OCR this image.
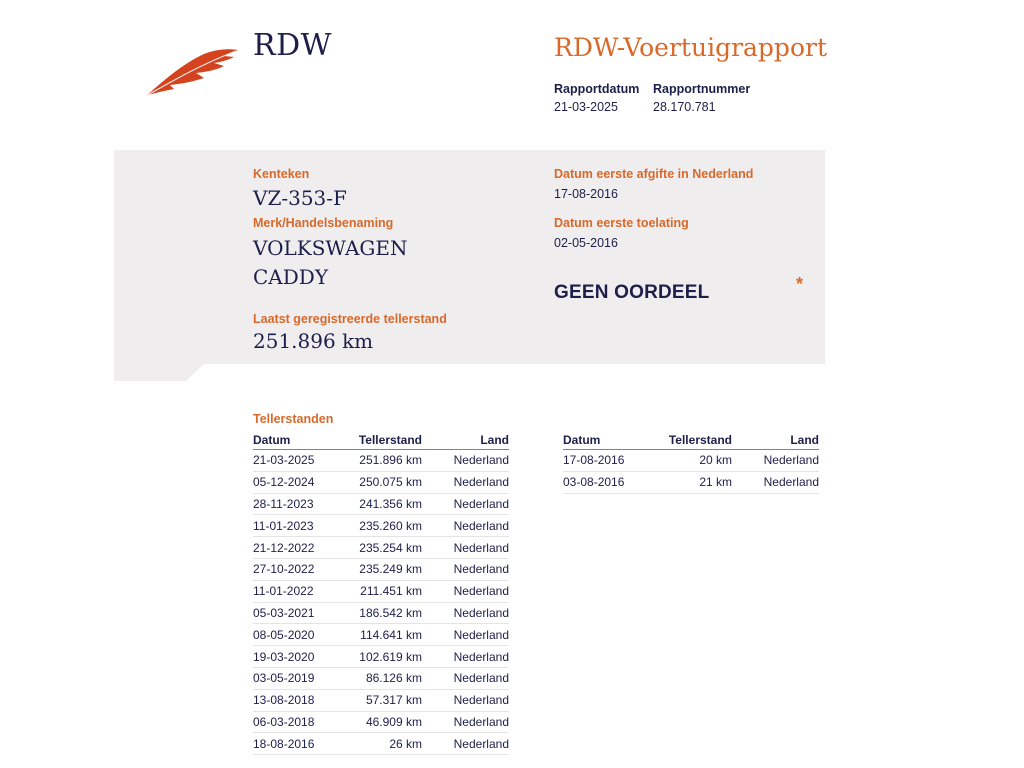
RDW	RDW-Voertuigrapport
Rapportdatum
21-03-2025
Rapportnummer
28.170.781
Kenteken
VZ-353-F
Merk/Handelsbenaming
VOLKSWAGEN
CADDY
Laatst geregistreerde tellerstand
251.896 km
Datum eerste afgifte in Nederland
17-08-2016
Datum eerste toelating
02-05-2016
GEEN OORDEEL	*
Tellerstanden
Datum	Tellerstand	Land
21-03-2025	251.896 km	Nederland
05-12-2024	250.075 km	Nederland
28-11-2023	241.356 km	Nederland
11-01-2023	235.260 km	Nederland
21-12-2022	235.254 km	Nederland
27-10-2022	235.249 km	Nederland
11-01-2022	211.451 km	Nederland
05-03-2021	186.542 km	Nederland
08-05-2020	114.641 km	Nederland
19-03-2020	102.619 km	Nederland
03-05-2019	86.126 km	Nederland
13-08-2018	57.317 km	Nederland
06-03-2018	46.909 km	Nederland
18-08-2016	26 km	Nederland
Datum	Tellerstand	Land
17-08-2016	20 km	Nederland
03-08-2016	21 km	Nederland
